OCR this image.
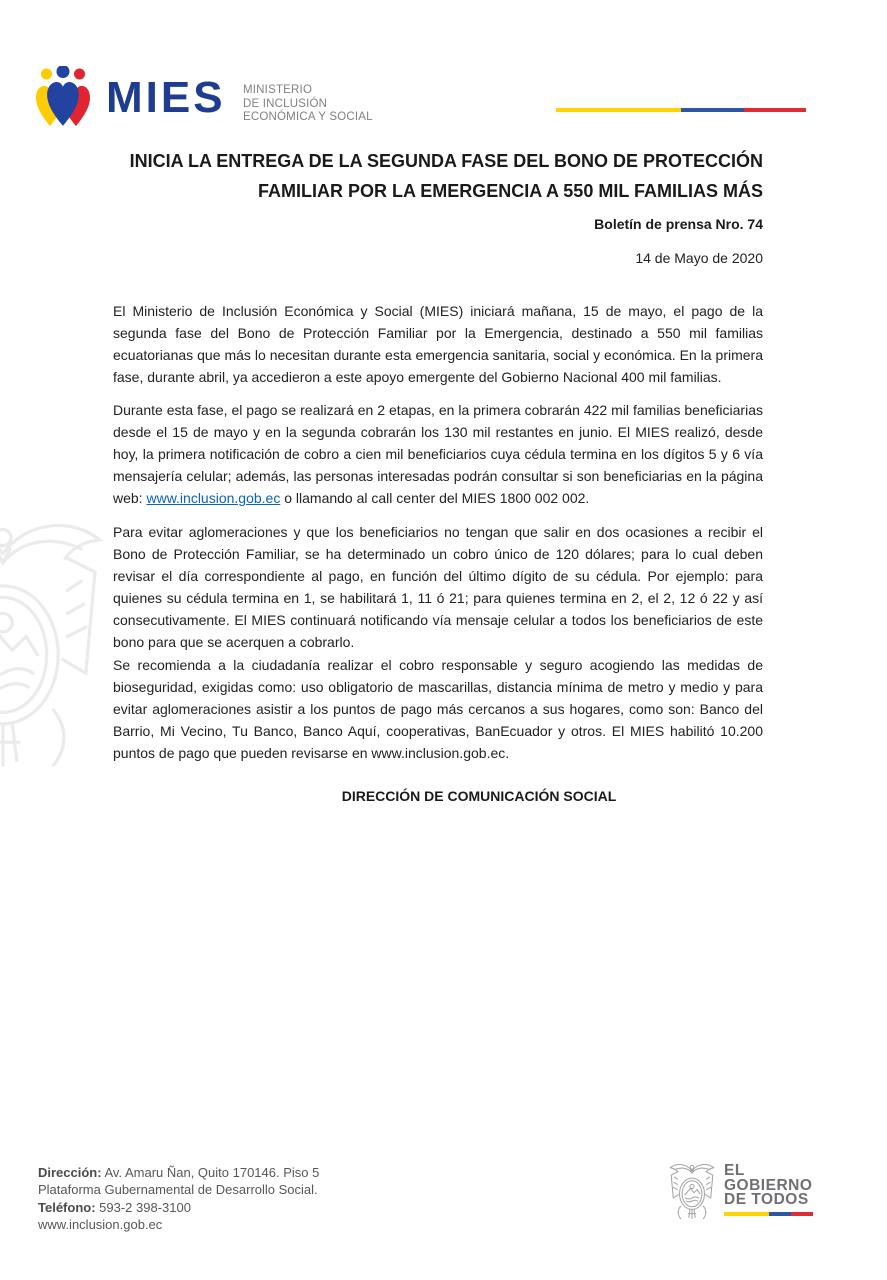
MIES MINISTERIO
DE INCLUSIÓN
ECONÓMICA Y SOCIAL
INICIA LA ENTREGA DE LA SEGUNDA FASE DEL BONO DE PROTECCIÓN
FAMILIAR POR LA EMERGENCIA A 550 MIL FAMILIAS MÁS
Boletín de prensa Nro. 74
14 de Mayo de 2020

El Ministerio de Inclusión Económica y Social (MIES) iniciará mañana, 15 de mayo, el pago de la segunda fase del Bono de Protección Familiar por la Emergencia, destinado a 550 mil familias ecuatorianas que más lo necesitan durante esta emergencia sanitaria, social y económica. En la primera fase, durante abril, ya accedieron a este apoyo emergente del Gobierno Nacional 400 mil familias.

Durante esta fase, el pago se realizará en 2 etapas, en la primera cobrarán 422 mil familias beneficiarias desde el 15 de mayo y en la segunda cobrarán los 130 mil restantes en junio. El MIES realizó, desde hoy, la primera notificación de cobro a cien mil beneficiarios cuya cédula termina en los dígitos 5 y 6 vía mensajería celular; además, las personas interesadas podrán consultar si son beneficiarias en la página web: www.inclusion.gob.ec o llamando al call center del MIES 1800 002 002.

Para evitar aglomeraciones y que los beneficiarios no tengan que salir en dos ocasiones a recibir el Bono de Protección Familiar, se ha determinado un cobro único de 120 dólares; para lo cual deben revisar el día correspondiente al pago, en función del último dígito de su cédula. Por ejemplo: para quienes su cédula termina en 1, se habilitará 1, 11 ó 21; para quienes termina en 2, el 2, 12 ó 22 y así consecutivamente. El MIES continuará notificando vía mensaje celular a todos los beneficiarios de este bono para que se acerquen a cobrarlo.

Se recomienda a la ciudadanía realizar el cobro responsable y seguro acogiendo las medidas de bioseguridad, exigidas como: uso obligatorio de mascarillas, distancia mínima de metro y medio y para evitar aglomeraciones asistir a los puntos de pago más cercanos a sus hogares, como son: Banco del Barrio, Mi Vecino, Tu Banco, Banco Aquí, cooperativas, BanEcuador y otros. El MIES habilitó 10.200 puntos de pago que pueden revisarse en www.inclusion.gob.ec.

DIRECCIÓN DE COMUNICACIÓN SOCIAL
Dirección: Av. Amaru Ñan, Quito 170146. Piso 5
Plataforma Gubernamental de Desarrollo Social.
Teléfono: 593-2 398-3100
www.inclusion.gob.ec
EL
GOBIERNO
DE TODOS
